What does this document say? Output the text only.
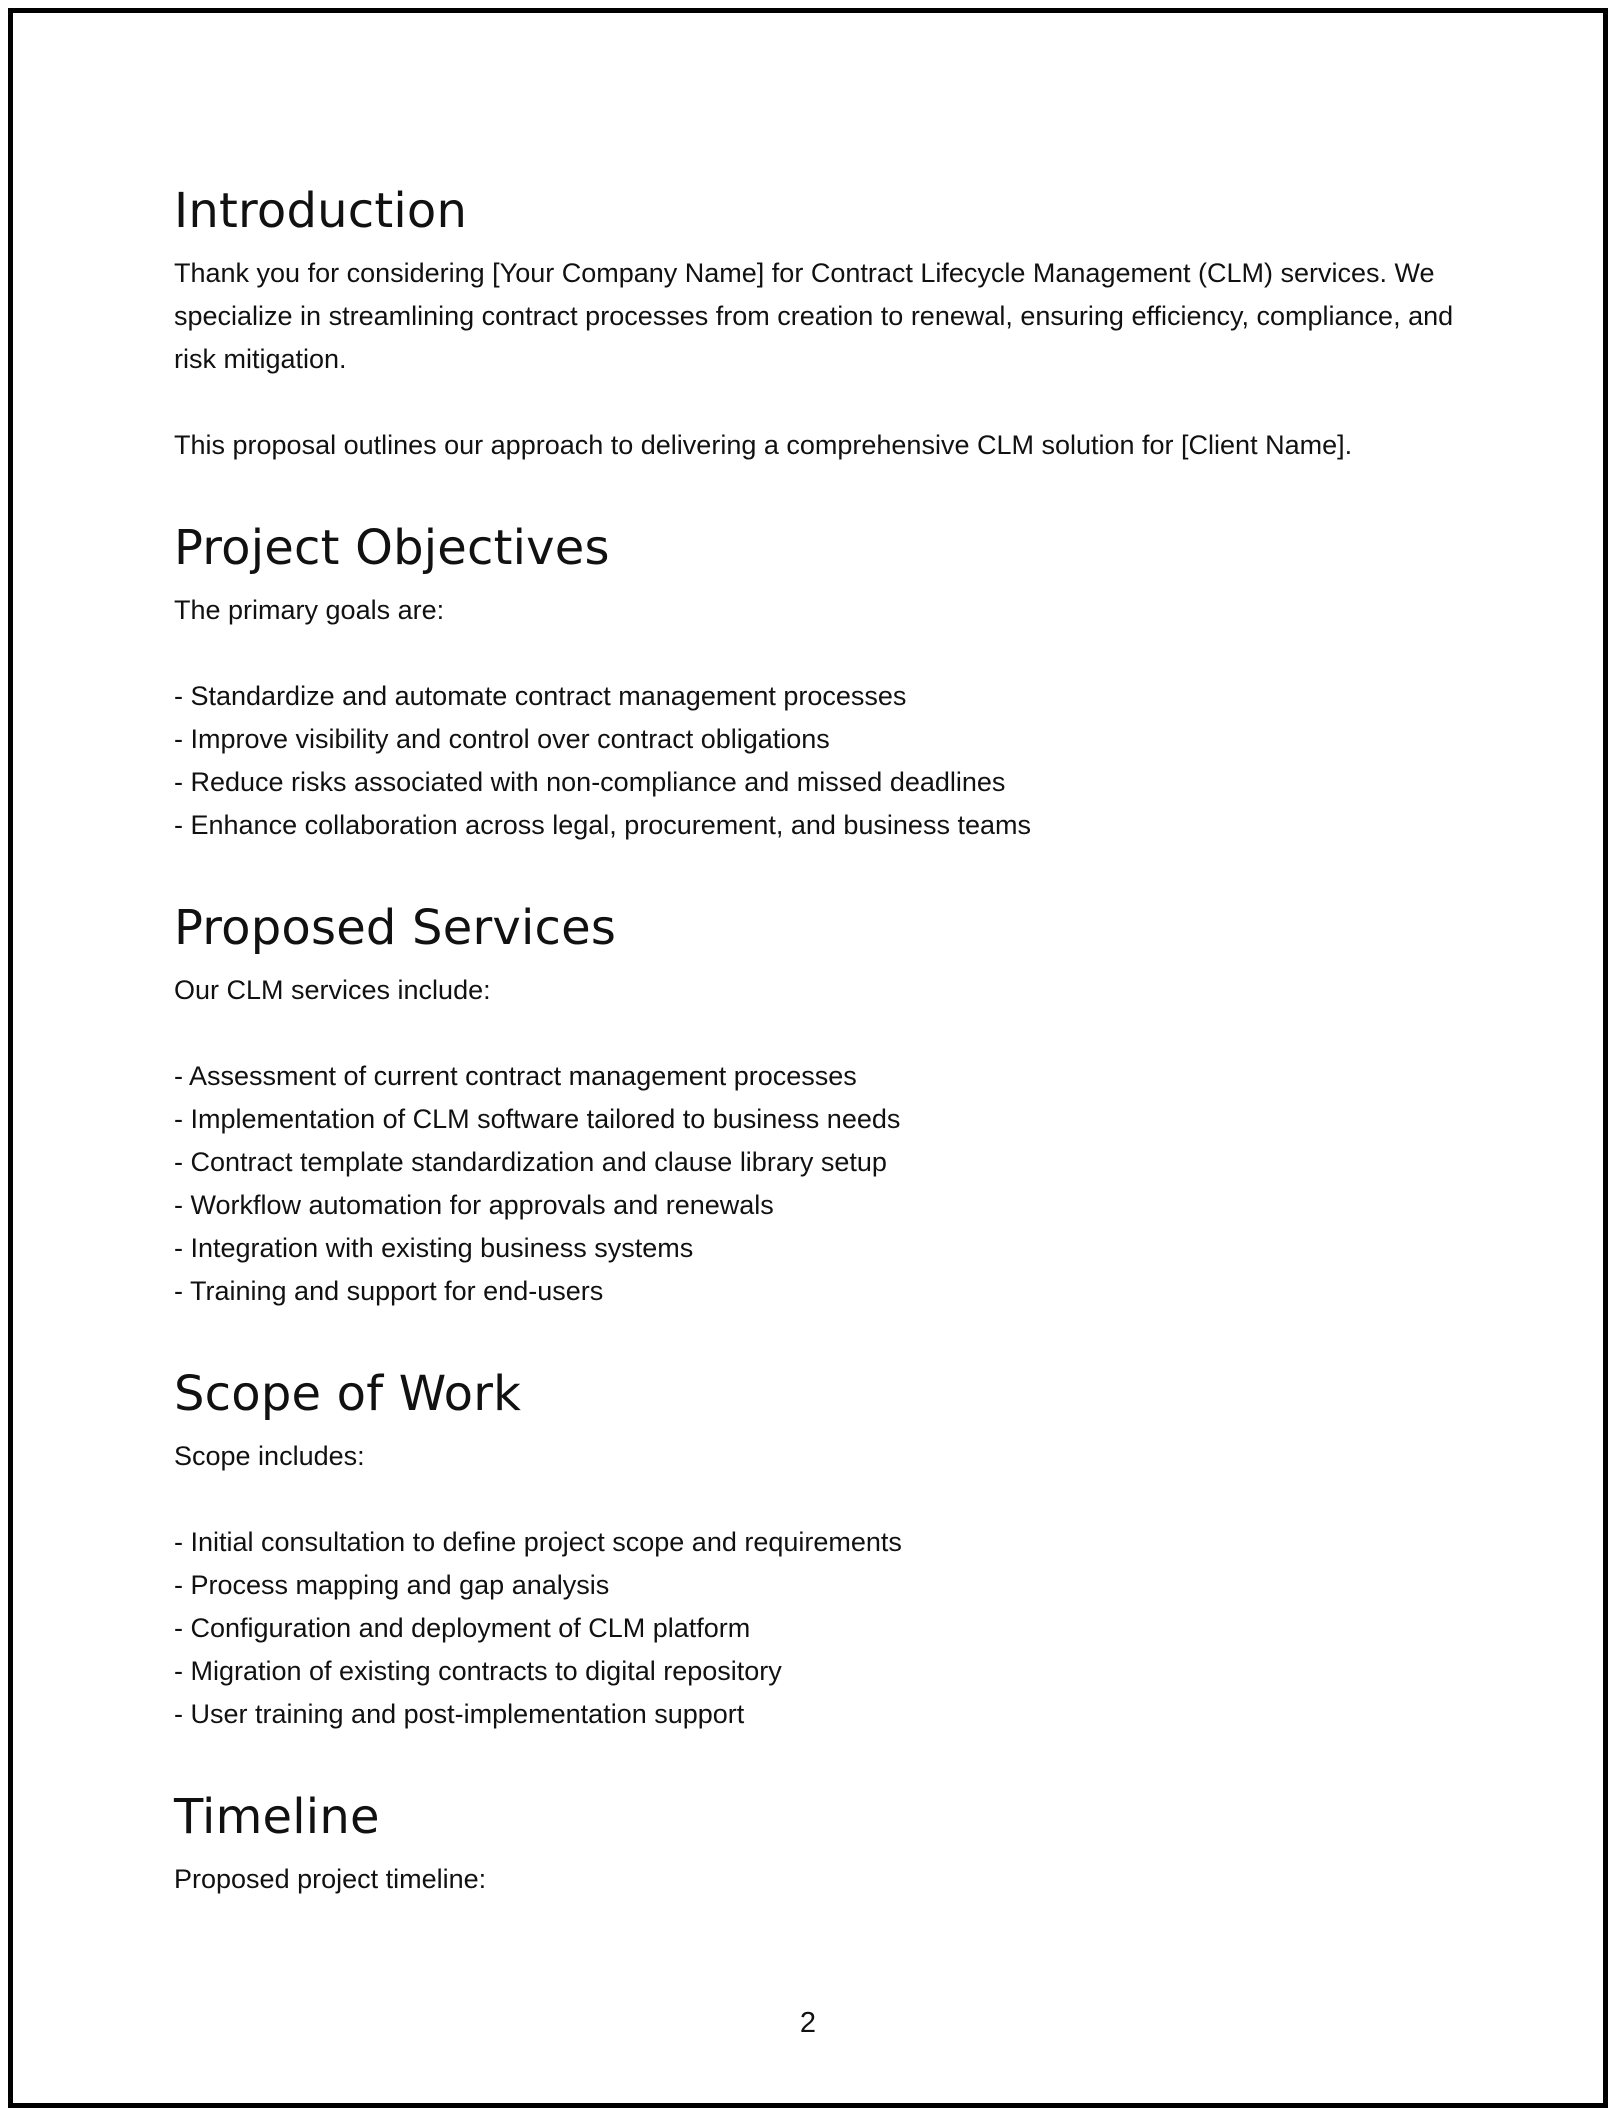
Introduction

Thank you for considering [Your Company Name] for Contract Lifecycle Management (CLM) services. We specialize in streamlining contract processes from creation to renewal, ensuring efficiency, compliance, and risk mitigation.

This proposal outlines our approach to delivering a comprehensive CLM solution for [Client Name].

Project Objectives

The primary goals are:

- Standardize and automate contract management processes
- Improve visibility and control over contract obligations
- Reduce risks associated with non-compliance and missed deadlines
- Enhance collaboration across legal, procurement, and business teams
Proposed Services

Our CLM services include:

- Assessment of current contract management processes
- Implementation of CLM software tailored to business needs
- Contract template standardization and clause library setup
- Workflow automation for approvals and renewals
- Integration with existing business systems
- Training and support for end-users
Scope of Work

Scope includes:

- Initial consultation to define project scope and requirements
- Process mapping and gap analysis
- Configuration and deployment of CLM platform
- Migration of existing contracts to digital repository
- User training and post-implementation support
Timeline

Proposed project timeline:

2
